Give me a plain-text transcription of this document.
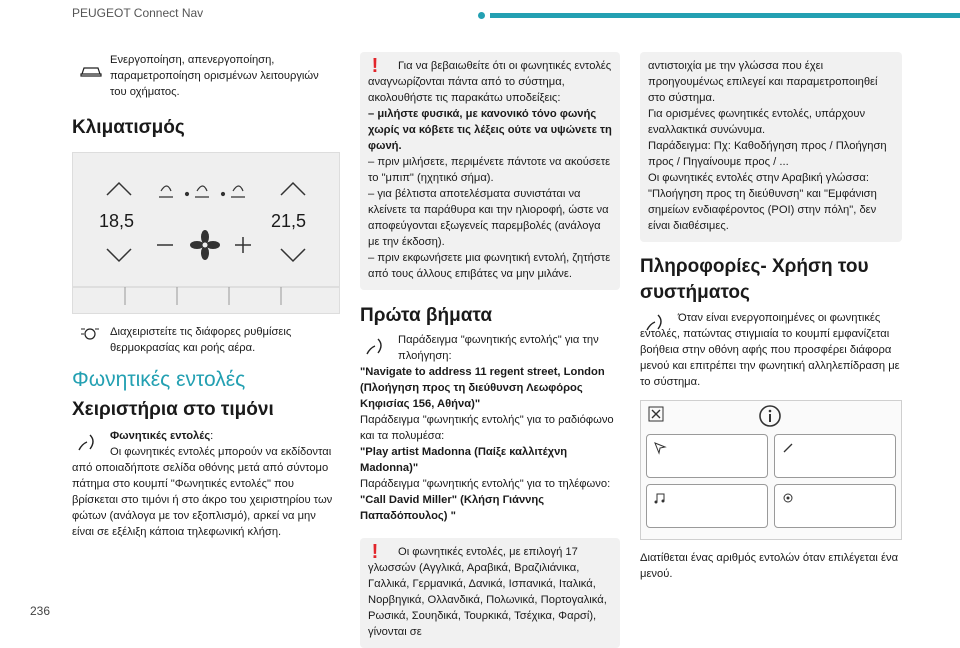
PEUGEOT Connect Nav

Ενεργοποίηση, απενεργοποίηση, παραμετροποίηση ορισμένων λειτουργιών του οχήματος.

Κλιματισμός
18,5	21,5

Διαχειριστείτε τις διάφορες ρυθμίσεις θερμοκρασίας και ροής αέρα.

Φωνητικές εντολές
Χειριστήρια στο τιμόνι

Φωνητικές εντολές:

Οι φωνητικές εντολές μπορούν να εκδίδονται από οποιαδήποτε σελίδα οθόνης μετά από σύντομο πάτημα στο κουμπί "Φωνητικές εντολές" που βρίσκεται στο τιμόνι ή στο άκρο του χειριστηρίου των φώτων (ανάλογα με τον εξοπλισμό), αρκεί να μην είναι σε εξέλιξη κάποια τηλεφωνική κλήση.

!	Για να βεβαιωθείτε ότι οι φωνητικές εντολές αναγνωρίζονται πάντα από το σύστημα, ακολουθήστε τις παρακάτω υποδείξεις:

– μιλήστε φυσικά, με κανονικό τόνο φωνής χωρίς να κόβετε τις λέξεις ούτε να υψώνετε τη φωνή.

– πριν μιλήσετε, περιμένετε πάντοτε να ακούσετε το "μπιπ" (ηχητικό σήμα).

– για βέλτιστα αποτελέσματα συνιστάται να κλείνετε τα παράθυρα και την ηλιοροφή, ώστε να αποφεύγονται εξωγενείς παρεμβολές (ανάλογα με την έκδοση).

– πριν εκφωνήσετε μια φωνητική εντολή, ζητήστε από τους άλλους επιβάτες να μην μιλάνε.

Πρώτα βήματα

Παράδειγμα "φωνητικής εντολής" για την πλοήγηση:

"Navigate to address 11 regent street, London (Πλοήγηση προς τη διεύθυνση Λεωφόρος Κηφισίας 156, Αθήνα)"

Παράδειγμα "φωνητικής εντολής" για το ραδιόφωνο και τα πολυμέσα:

"Play artist Madonna (Παίξε καλλιτέχνη Madonna)"

Παράδειγμα "φωνητικής εντολής" για το τηλέφωνο:

"Call David Miller" (Κλήση Γιάννης Παπαδόπουλος) "

!	Οι φωνητικές εντολές, με επιλογή 17 γλωσσών (Αγγλικά, Αραβικά, Βραζιλιάνικα, Γαλλικά, Γερμανικά, Δανικά, Ισπανικά, Ιταλικά, Νορβηγικά, Ολλανδικά, Πολωνικά, Πορτογαλικά, Ρωσικά, Σουηδικά, Τουρκικά, Τσέχικα, Φαρσί), γίνονται σε

αντιστοιχία με την γλώσσα που έχει προηγουμένως επιλεγεί και παραμετροποιηθεί στο σύστημα.
Για ορισμένες φωνητικές εντολές, υπάρχουν εναλλακτικά συνώνυμα.
Παράδειγμα: Πχ: Καθοδήγηση προς / Πλοήγηση προς / Πηγαίνουμε προς / ...
Οι φωνητικές εντολές στην Αραβική γλώσσα: "Πλοήγηση προς τη διεύθυνση" και "Εμφάνιση σημείων ενδιαφέροντος (POI) στην πόλη", δεν είναι διαθέσιμες.

Πληροφορίες- Χρήση του συστήματος

Όταν είναι ενεργοποιημένες οι φωνητικές εντολές, πατώντας στιγμιαία το κουμπί εμφανίζεται βοήθεια στην οθόνη αφής που προσφέρει διάφορα μενού και επιτρέπει την φωνητική αλληλεπίδραση με το σύστημα.

Διατίθεται ένας αριθμός εντολών όταν επιλέγεται ένα μενού.

236
